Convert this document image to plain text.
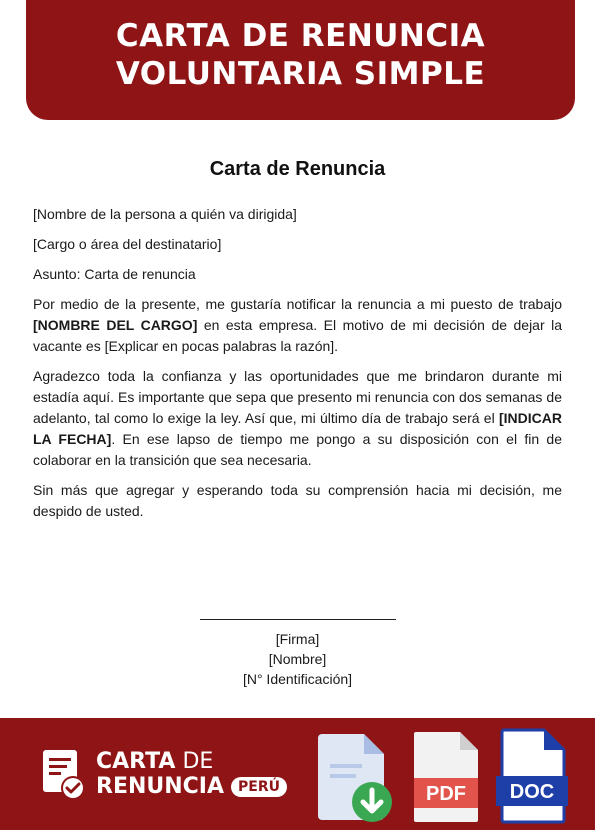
CARTA DE RENUNCIA
VOLUNTARIA SIMPLE
Carta de Renuncia

[Nombre de la persona a quién va dirigida]

[Cargo o área del destinatario]

Asunto: Carta de renuncia

Por medio de la presente, me gustaría notificar la renuncia a mi puesto de trabajo [NOMBRE DEL CARGO] en esta empresa. El motivo de mi decisión de dejar la vacante es [Explicar en pocas palabras la razón].

Agradezco toda la confianza y las oportunidades que me brindaron durante mi estadía aquí. Es importante que sepa que presento mi renuncia con dos semanas de adelanto, tal como lo exige la ley. Así que, mi último día de trabajo será el [INDICAR LA FECHA]. En ese lapso de tiempo me pongo a su disposición con el fin de colaborar en la transición que sea necesaria.

Sin más que agregar y esperando toda su comprensión hacia mi decisión, me despido de usted.

[Firma]
[Nombre]
[N° Identificación]
CARTA DE
RENUNCIA	PERÚ	PDF DOC
